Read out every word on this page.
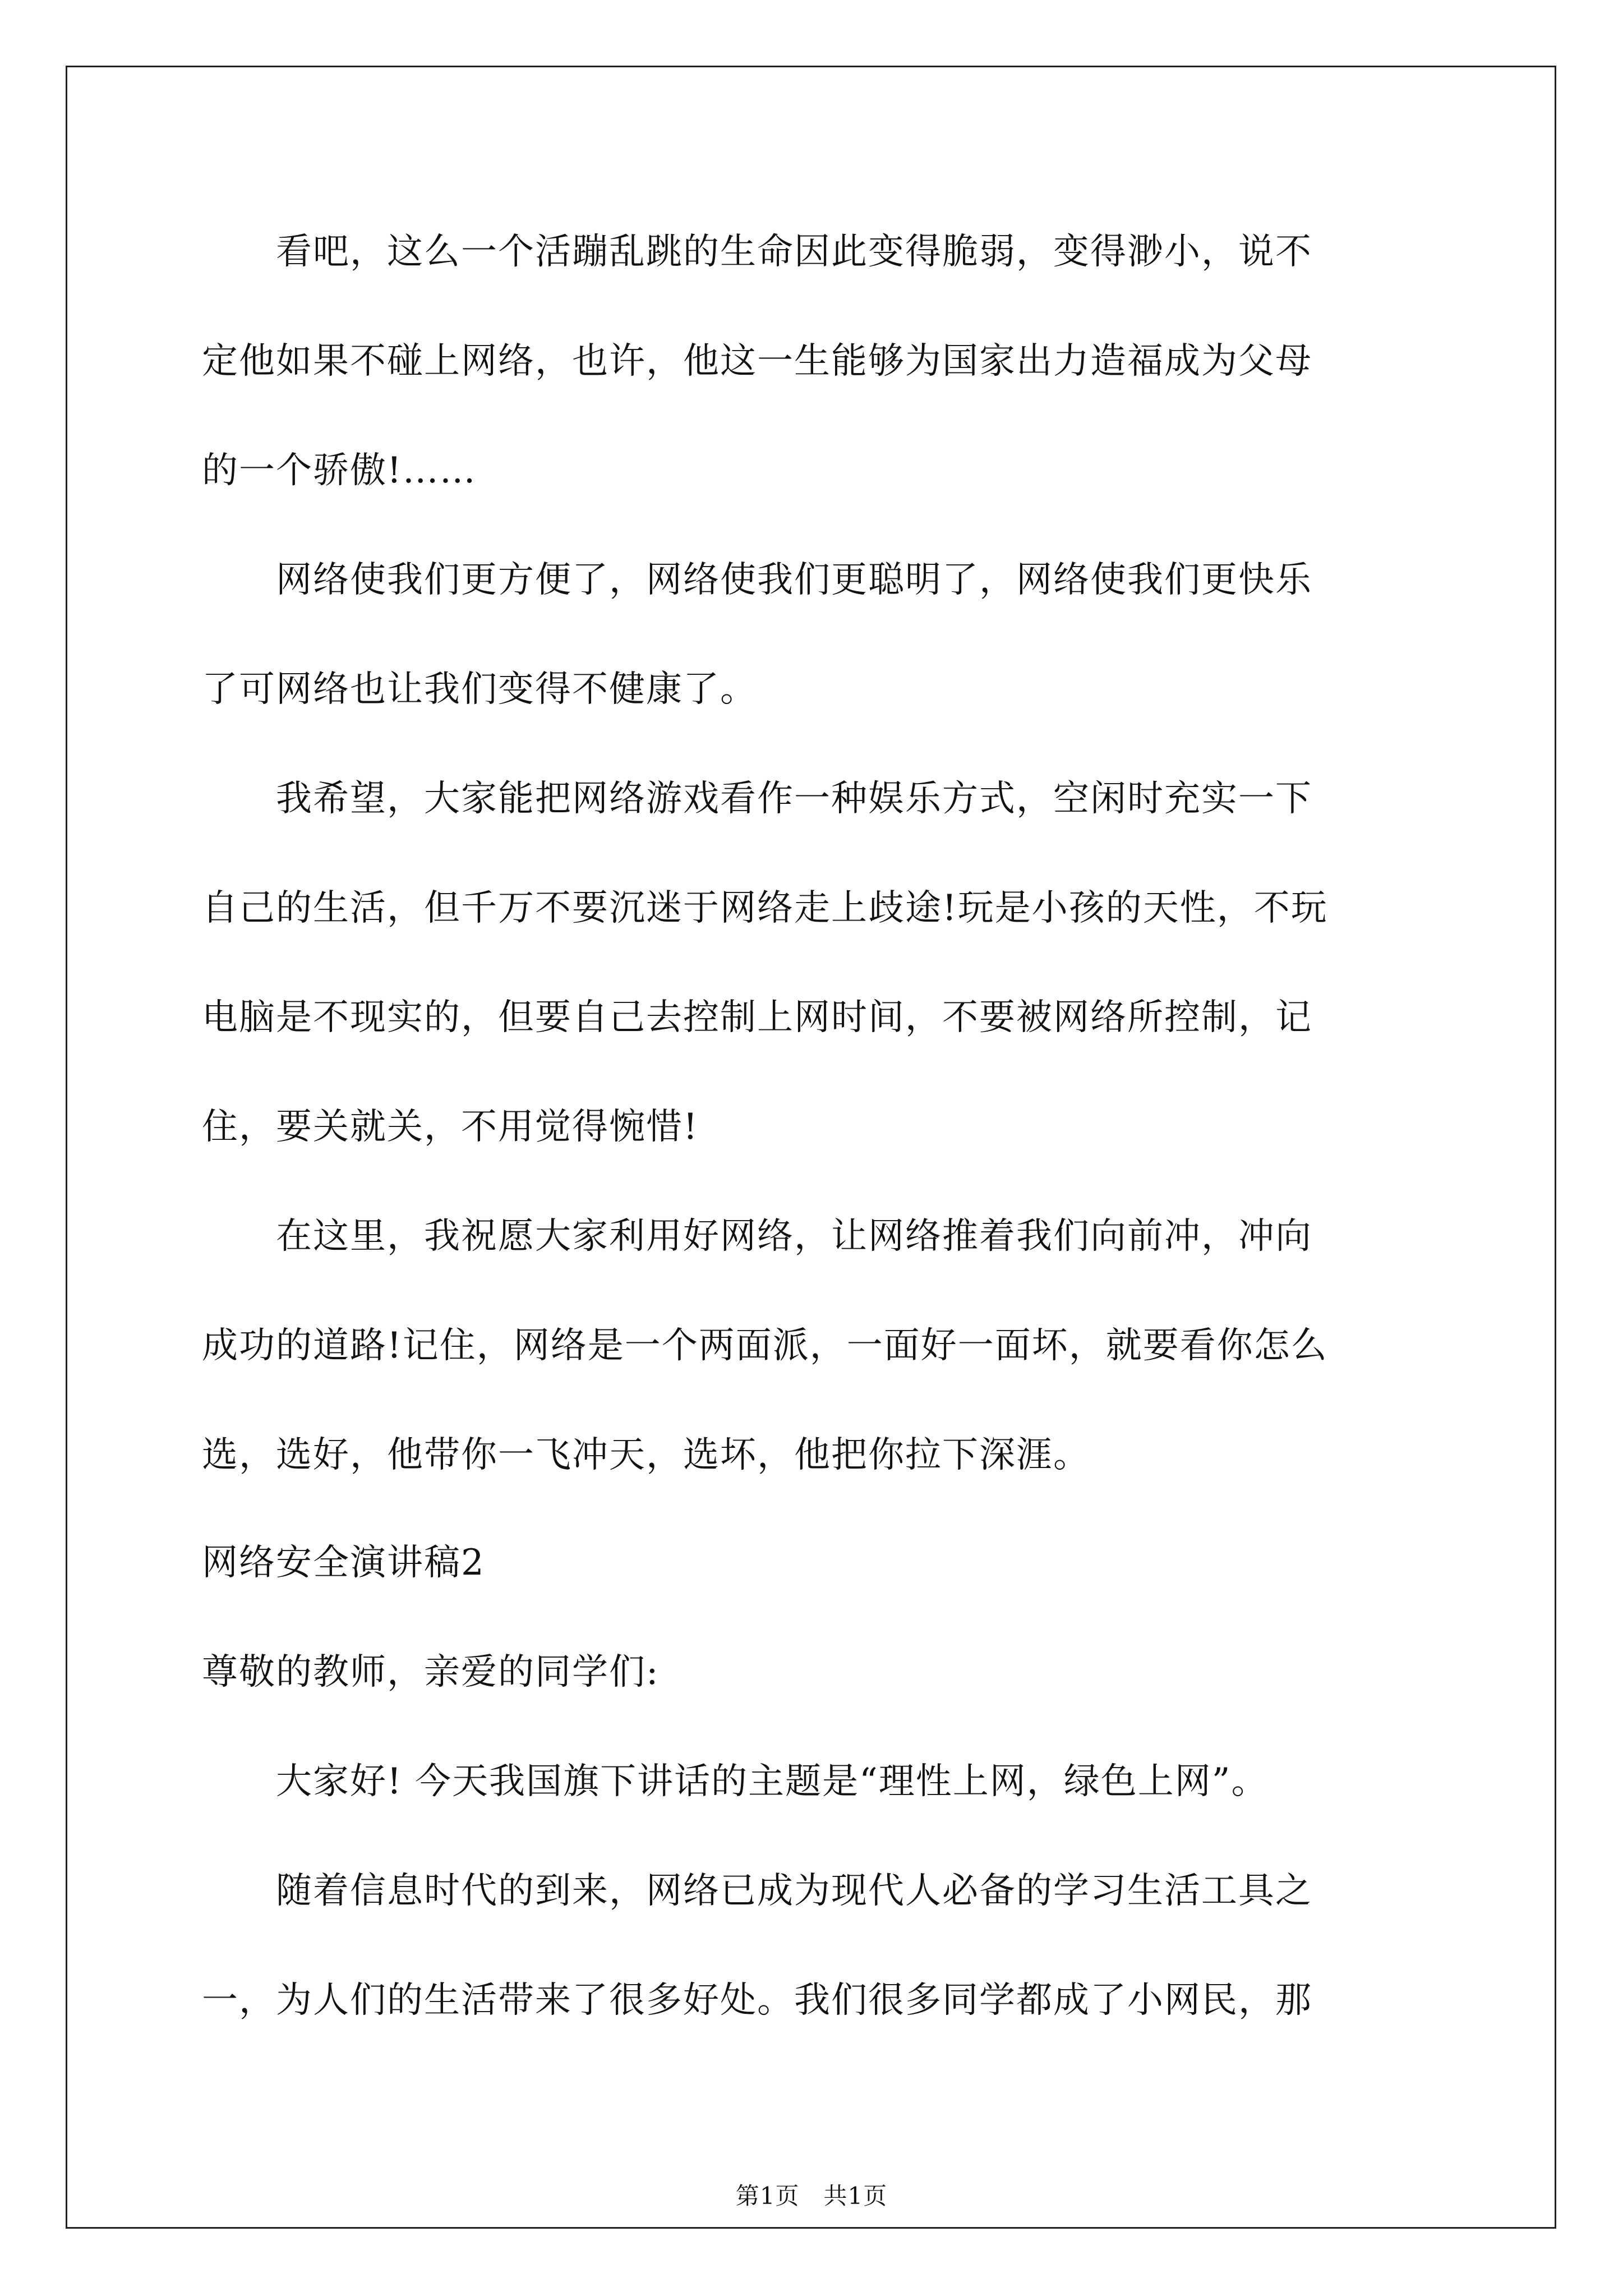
　　看吧，这么一个活蹦乱跳的生命因此变得脆弱，变得渺小，说不
定他如果不碰上网络，也许，他这一生能够为国家出力造福成为父母
的一个骄傲!……
　　网络使我们更方便了，网络使我们更聪明了，网络使我们更快乐
了可网络也让我们变得不健康了。
　　我希望，大家能把网络游戏看作一种娱乐方式，空闲时充实一下
自己的生活，但千万不要沉迷于网络走上歧途!玩是小孩的天性，不玩
电脑是不现实的，但要自己去控制上网时间，不要被网络所控制，记
住，要关就关，不用觉得惋惜!
　　在这里，我祝愿大家利用好网络，让网络推着我们向前冲，冲向
成功的道路!记住，网络是一个两面派，一面好一面坏，就要看你怎么
选，选好，他带你一飞冲天，选坏，他把你拉下深涯。
网络安全演讲稿2
尊敬的教师，亲爱的同学们:
　　大家好! 今天我国旗下讲话的主题是“理性上网，绿色上网”。
　　随着信息时代的到来，网络已成为现代人必备的学习生活工具之
一，为人们的生活带来了很多好处。我们很多同学都成了小网民，那
第1页　共1页
